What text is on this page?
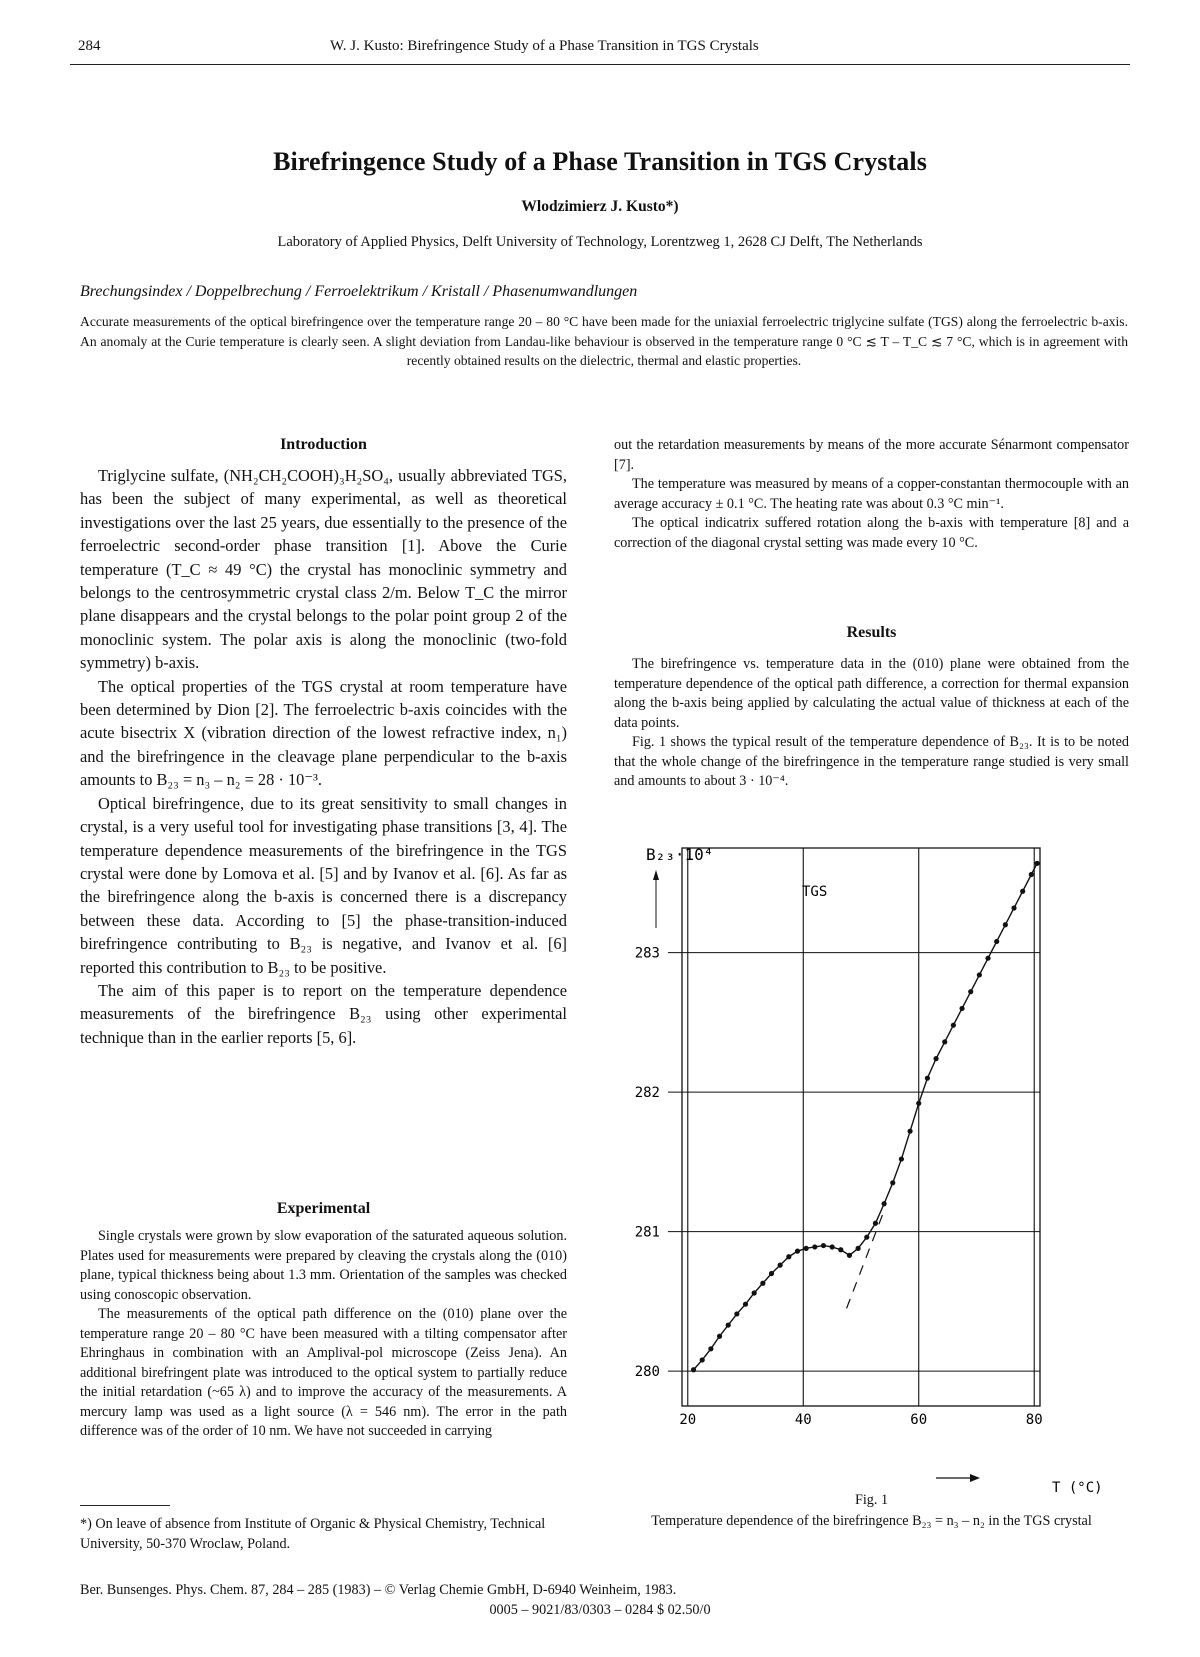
284	W. J. Kusto: Birefringence Study of a Phase Transition in TGS Crystals
Birefringence Study of a Phase Transition in TGS Crystals
Wlodzimierz J. Kusto*)
Laboratory of Applied Physics, Delft University of Technology, Lorentzweg 1, 2628 CJ Delft, The Netherlands
Brechungsindex / Doppelbrechung / Ferroelektrikum / Kristall / Phasenumwandlungen
Accurate measurements of the optical birefringence over the temperature range 20 – 80 °C have been made for the uniaxial ferroelectric triglycine sulfate (TGS) along the ferroelectric b-axis. An anomaly at the Curie temperature is clearly seen. A slight deviation from Landau-like behaviour is observed in the temperature range 0 °C ≲ T – T_C ≲ 7 °C, which is in agreement with recently obtained results on the dielectric, thermal and elastic properties.
Introduction

Triglycine sulfate, (NH₂CH₂COOH)₃H₂SO₄, usually abbreviated TGS, has been the subject of many experimental, as well as theoretical investigations over the last 25 years, due essentially to the presence of the ferroelectric second-order phase transition [1]. Above the Curie temperature (T_C ≈ 49 °C) the crystal has monoclinic symmetry and belongs to the centrosymmetric crystal class 2/m. Below T_C the mirror plane disappears and the crystal belongs to the polar point group 2 of the monoclinic system. The polar axis is along the monoclinic (two-fold symmetry) b-axis.

The optical properties of the TGS crystal at room temperature have been determined by Dion [2]. The ferroelectric b-axis coincides with the acute bisectrix X (vibration direction of the lowest refractive index, n₁) and the birefringence in the cleavage plane perpendicular to the b-axis amounts to B₂₃ = n₃ – n₂ = 28 · 10⁻³.

Optical birefringence, due to its great sensitivity to small changes in crystal, is a very useful tool for investigating phase transitions [3, 4]. The temperature dependence measurements of the birefringence in the TGS crystal were done by Lomova et al. [5] and by Ivanov et al. [6]. As far as the birefringence along the b-axis is concerned there is a discrepancy between these data. According to [5] the phase-transition-induced birefringence contributing to B₂₃ is negative, and Ivanov et al. [6] reported this contribution to B₂₃ to be positive.

The aim of this paper is to report on the temperature dependence measurements of the birefringence B₂₃ using other experimental technique than in the earlier reports [5, 6].

Experimental

Single crystals were grown by slow evaporation of the saturated aqueous solution. Plates used for measurements were prepared by cleaving the crystals along the (010) plane, typical thickness being about 1.3 mm. Orientation of the samples was checked using conoscopic observation.

The measurements of the optical path difference on the (010) plane over the temperature range 20 – 80 °C have been measured with a tilting compensator after Ehringhaus in combination with an Amplival-pol microscope (Zeiss Jena). An additional birefringent plate was introduced to the optical system to partially reduce the initial retardation (~65 λ) and to improve the accuracy of the measurements. A mercury lamp was used as a light source (λ = 546 nm). The error in the path difference was of the order of 10 nm. We have not succeeded in carrying

out the retardation measurements by means of the more accurate Sénarmont compensator [7].

The temperature was measured by means of a copper-constantan thermocouple with an average accuracy ± 0.1 °C. The heating rate was about 0.3 °C min⁻¹.

The optical indicatrix suffered rotation along the b-axis with temperature [8] and a correction of the diagonal crystal setting was made every 10 °C.

Results

The birefringence vs. temperature data in the (010) plane were obtained from the temperature dependence of the optical path difference, a correction for thermal expansion along the b-axis being applied by calculating the actual value of thickness at each of the data points.

Fig. 1 shows the typical result of the temperature dependence of B₂₃. It is to be noted that the whole change of the birefringence in the temperature range studied is very small and amounts to about 3 · 10⁻⁴.

20	40	60	80
280
281
282
283
B₂₃·10⁴
T (°C)
TGS
Fig. 1
Temperature dependence of the birefringence B₂₃ = n₃ – n₂ in the TGS crystal
*) On leave of absence from Institute of Organic & Physical Chemistry, Technical University, 50-370 Wroclaw, Poland.
Ber. Bunsenges. Phys. Chem. 87, 284 – 285 (1983) – © Verlag Chemie GmbH, D-6940 Weinheim, 1983.
0005 – 9021/83/0303 – 0284 $ 02.50/0
